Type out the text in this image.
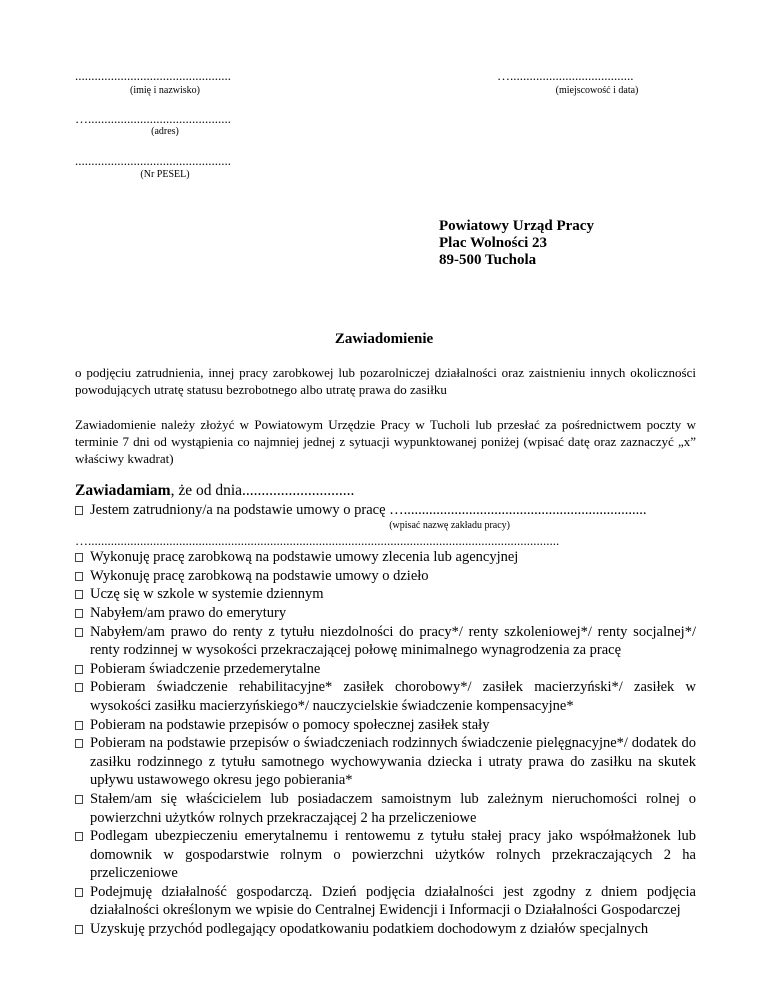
................................................
(imię i nazwisko)
…......................................
(miejscowość i data)
…............................................
(adres)
................................................
(Nr PESEL)
Powiatowy Urząd Pracy
Plac Wolności 23
89-500 Tuchola
Zawiadomienie
o podjęciu zatrudnienia, innej pracy zarobkowej lub pozarolniczej działalności oraz zaistnieniu innych okoliczności powodujących utratę statusu bezrobotnego albo utratę prawa do zasiłku
Zawiadomienie należy złożyć w Powiatowym Urzędzie Pracy w Tucholi lub przesłać za pośrednictwem poczty w terminie 7 dni od wystąpienia co najmniej jednej z sytuacji wypunktowanej poniżej (wpisać datę oraz zaznaczyć „x” właściwy kwadrat)
Zawiadamiam, że od dnia.............................
Jestem zatrudniony/a na podstawie umowy o pracę …...................................................................
(wpisać nazwę zakładu pracy)
….................................................................................................................................................
Wykonuję pracę zarobkową na podstawie umowy zlecenia lub agencyjnej
Wykonuję pracę zarobkową na podstawie umowy o dzieło
Uczę się w szkole w systemie dziennym
Nabyłem/am prawo do emerytury
Nabyłem/am prawo do renty z tytułu niezdolności do pracy*/ renty szkoleniowej*/ renty socjalnej*/ renty rodzinnej w wysokości przekraczającej połowę minimalnego wynagrodzenia za pracę
Pobieram świadczenie przedemerytalne
Pobieram świadczenie rehabilitacyjne* zasiłek chorobowy*/ zasiłek macierzyński*/ zasiłek w wysokości zasiłku macierzyńskiego*/ nauczycielskie świadczenie kompensacyjne*
Pobieram na podstawie przepisów o pomocy społecznej zasiłek stały
Pobieram na podstawie przepisów o świadczeniach rodzinnych świadczenie pielęgnacyjne*/ dodatek do zasiłku rodzinnego z tytułu samotnego wychowywania dziecka i utraty prawa do zasiłku na skutek upływu ustawowego okresu jego pobierania*
Stałem/am się właścicielem lub posiadaczem samoistnym lub zależnym nieruchomości rolnej o powierzchni użytków rolnych przekraczającej 2 ha przeliczeniowe
Podlegam ubezpieczeniu emerytalnemu i rentowemu z tytułu stałej pracy jako współmałżonek lub domownik w gospodarstwie rolnym o powierzchni użytków rolnych przekraczających 2 ha przeliczeniowe
Podejmuję działalność gospodarczą. Dzień podjęcia działalności jest zgodny z dniem podjęcia działalności określonym we wpisie do Centralnej Ewidencji i Informacji o Działalności Gospodarczej
Uzyskuję przychód podlegający opodatkowaniu podatkiem dochodowym z działów specjalnych
